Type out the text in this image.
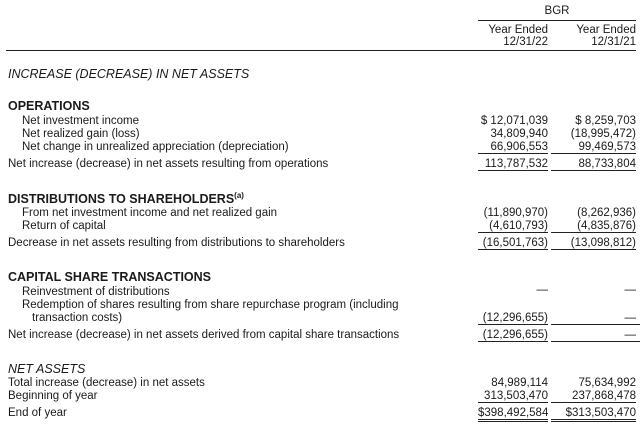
BGR
Year Ended
12/31/22
Year Ended
12/31/21
INCREASE (DECREASE) IN NET ASSETS
OPERATIONS
Net investment income	$ 12,071,039	$ 8,259,703
Net realized gain (loss)	34,809,940	(18,995,472)
Net change in unrealized appreciation (depreciation)	66,906,553	99,469,573
Net increase (decrease) in net assets resulting from operations	113,787,532	88,733,804
DISTRIBUTIONS TO SHAREHOLDERS$^{(a)}$
From net investment income and net realized gain	(11,890,970)	(8,262,936)
Return of capital	(4,610,793)	(4,835,876)
Decrease in net assets resulting from distributions to shareholders	(16,501,763)	(13,098,812)
CAPITAL SHARE TRANSACTIONS
Reinvestment of distributions	—	—
Redemption of shares resulting from share repurchase program (including
transaction costs)	(12,296,655)	—
Net increase (decrease) in net assets derived from capital share transactions	(12,296,655)	—
NET ASSETS
Total increase (decrease) in net assets	84,989,114	75,634,992
Beginning of year	313,503,470	237,868,478
End of year	$398,492,584	$313,503,470
